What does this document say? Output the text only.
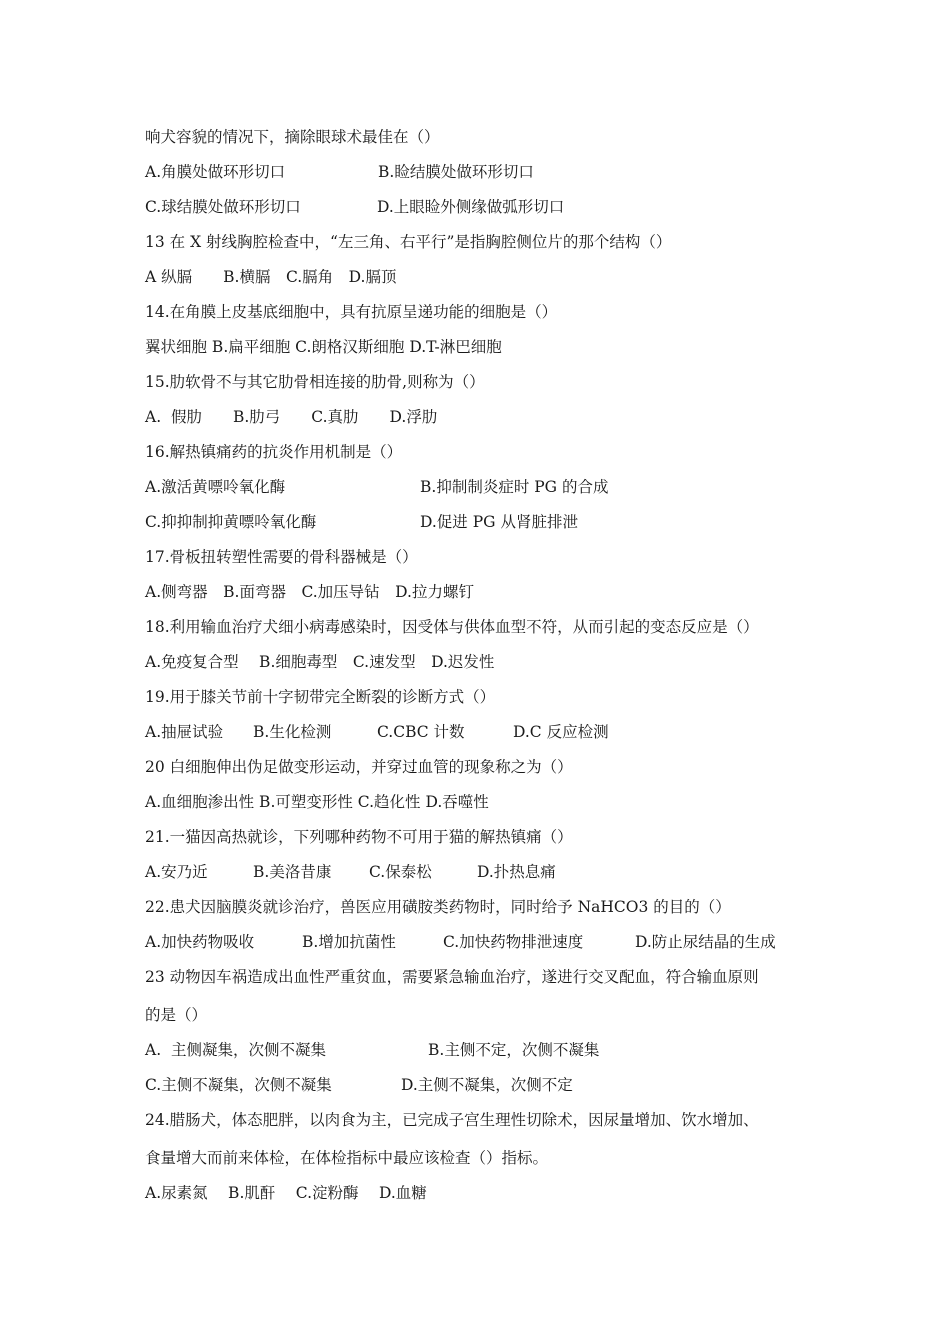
响犬容貌的情况下，摘除眼球术最佳在（）
A.角膜处做环形切口	B.睑结膜处做环形切口
C.球结膜处做环形切口	D.上眼睑外侧缘做弧形切口
13 在 X 射线胸腔检查中，“左三角、右平行”是指胸腔侧位片的那个结构（）
A 纵膈　　B.横膈　C.膈角　D.膈顶
14.在角膜上皮基底细胞中，具有抗原呈递功能的细胞是（）
翼状细胞 B.扁平细胞 C.朗格汉斯细胞 D.T-淋巴细胞
15.肋软骨不与其它肋骨相连接的肋骨,则称为（）
A.  假肋　　B.肋弓　　C.真肋　　D.浮肋
16.解热镇痛药的抗炎作用机制是（）
A.激活黄嘌呤氧化酶	B.抑制制炎症时 PG 的合成
C.抑抑制抑黄嘌呤氧化酶	D.促进 PG 从肾脏排泄
17.骨板扭转塑性需要的骨科器械是（）
A.侧弯器　B.面弯器　C.加压导钻　D.拉力螺钉
18.利用输血治疗犬细小病毒感染时，因受体与供体血型不符，从而引起的变态反应是（）
A.免疫复合型　 B.细胞毒型　C.速发型　D.迟发性
19.用于膝关节前十字韧带完全断裂的诊断方式（）
A.抽屉试验 B.生化检测	C.CBC 计数	D.C 反应检测
20 白细胞伸出伪足做变形运动，并穿过血管的现象称之为（）
A.血细胞渗出性 B.可塑变形性 C.趋化性 D.吞噬性
21.一猫因高热就诊，下列哪种药物不可用于猫的解热镇痛（）
A.安乃近	B.美洛昔康 C.保泰松	D.扑热息痛
22.患犬因脑膜炎就诊治疗，兽医应用磺胺类药物时，同时给予 NaHCO3 的目的（）
A.加快药物吸收	B.增加抗菌性	C.加快药物排泄速度	D.防止尿结晶的生成
23 动物因车祸造成出血性严重贫血，需要紧急输血治疗，遂进行交叉配血，符合输血原则
的是（）
A.  主侧凝集，次侧不凝集	B.主侧不定，次侧不凝集
C.主侧不凝集，次侧不凝集	D.主侧不凝集，次侧不定
24.腊肠犬，体态肥胖，以肉食为主，已完成子宫生理性切除术，因尿量增加、饮水增加、
食量增大而前来体检，在体检指标中最应该检查（）指标。
A.尿素氮　 B.肌酐　 C.淀粉酶　 D.血糖
